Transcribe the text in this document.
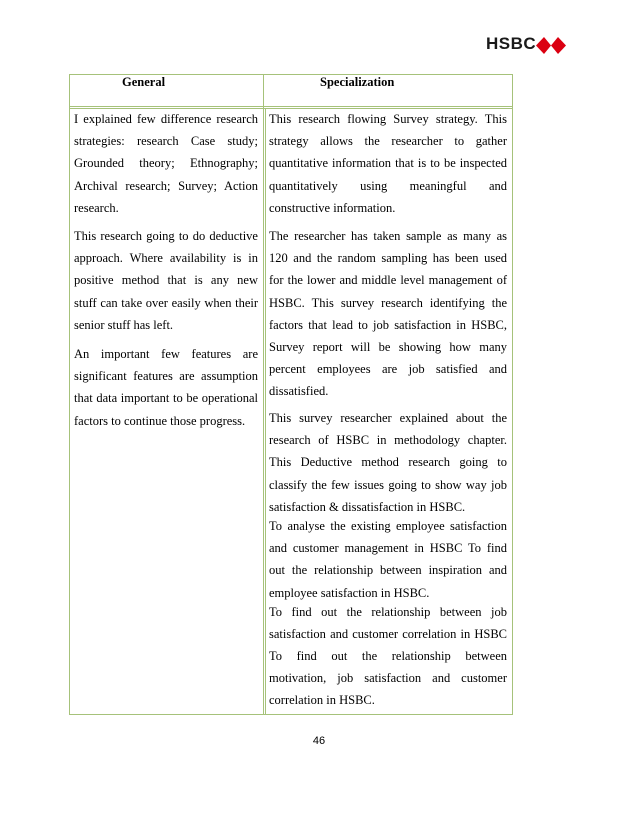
HSBC
General	Specialization
I explained few difference research
strategies: research Case study;
Grounded theory; Ethnography;
Archival research; Survey; Action
research.
This research going to do deductive
approach. Where availability is in
positive method that is any new
stuff can take over easily when their
senior stuff has left.
An important few features are
significant features are assumption
that data important to be operational
factors to continue those progress.
This research flowing Survey strategy. This
strategy allows the researcher to gather
quantitative information that is to be inspected
quantitatively using meaningful and
constructive information.
The researcher has taken sample as many as
120 and the random sampling has been used
for the lower and middle level management of
HSBC. This survey research identifying the
factors that lead to job satisfaction in HSBC,
Survey report will be showing how many
percent employees are job satisfied and
dissatisfied.
This survey researcher explained about the
research of HSBC in methodology chapter.
This Deductive method research going to
classify the few issues going to show way job
satisfaction & dissatisfaction in HSBC.
To analyse the existing employee satisfaction
and customer management in HSBC To find
out the relationship between inspiration and
employee satisfaction in HSBC.
To find out the relationship between job
satisfaction and customer correlation in HSBC
To find out the relationship between
motivation, job satisfaction and customer
correlation in HSBC.
46
